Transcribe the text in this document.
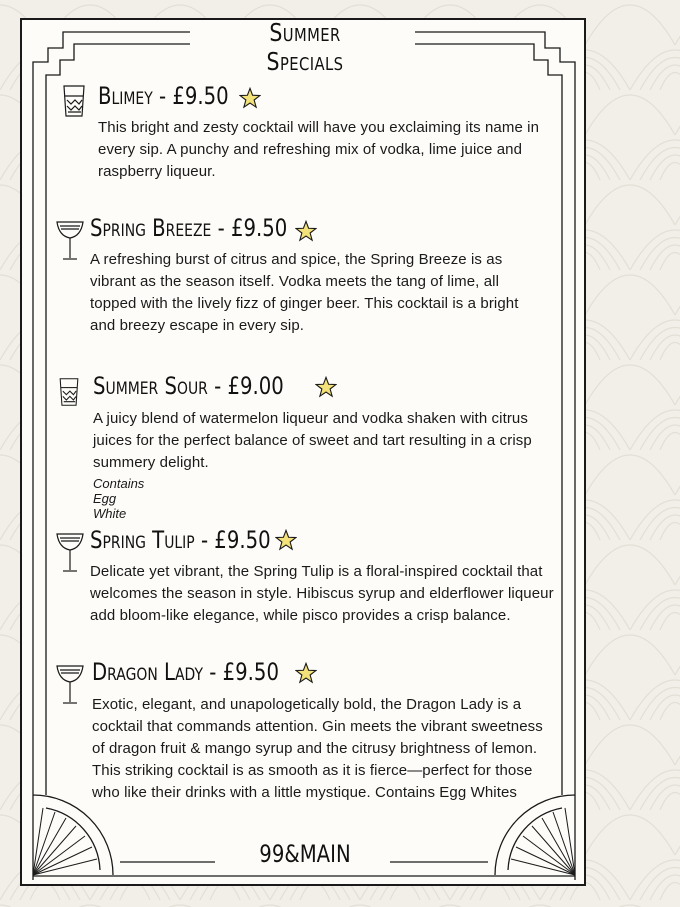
Summer Specials
Blimey - £9.50
This bright and zesty cocktail will have you exclaiming its name in
every sip. A punchy and refreshing mix of vodka, lime juice and
raspberry liqueur.
Spring Breeze - £9.50
A refreshing burst of citrus and spice, the Spring Breeze is as
vibrant as the season itself. Vodka meets the tang of lime, all
topped with the lively fizz of ginger beer. This cocktail is a bright
and breezy escape in every sip.
Summer Sour - £9.00
A juicy blend of watermelon liqueur and vodka shaken with citrus
juices for the perfect balance of sweet and tart resulting in a crisp
summery delight.
Contains Egg White
Spring Tulip - £9.50
Delicate yet vibrant, the Spring Tulip is a floral-inspired cocktail that
welcomes the season in style. Hibiscus syrup and elderflower liqueur
add bloom-like elegance, while pisco provides a crisp balance.
Dragon Lady - £9.50
Exotic, elegant, and unapologetically bold, the Dragon Lady is a
cocktail that commands attention. Gin meets the vibrant sweetness
of dragon fruit & mango syrup and the citrusy brightness of lemon.
This striking cocktail is as smooth as it is fierce—perfect for those
who like their drinks with a little mystique. Contains Egg Whites
99&MAIN
